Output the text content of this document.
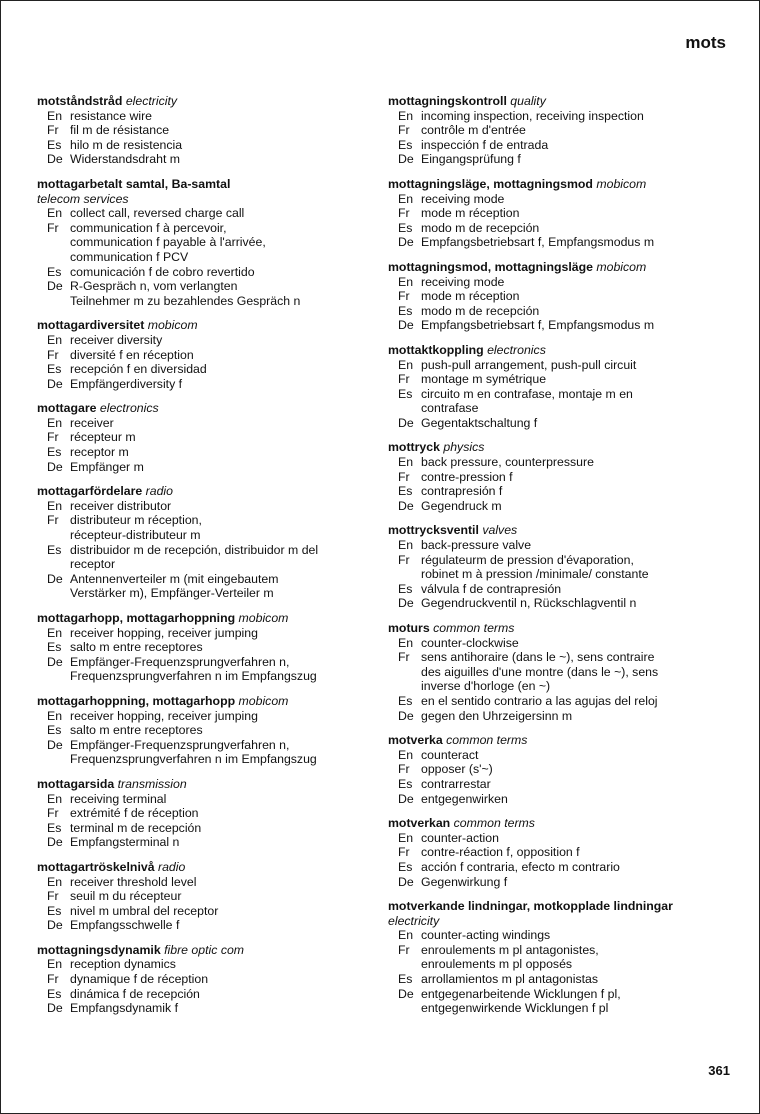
mots
motståndstråd electricity
En resistance wire
Fr fil m de résistance
Es hilo m de resistencia
De Widerstandsdraht m
mottagarbetalt samtal, Ba-samtal
telecom services
En collect call, reversed charge call
Fr communication f à percevoir,
communication f payable à l'arrivée,
communication f PCV
Es comunicación f de cobro revertido
De R-Gespräch n, vom verlangten
Teilnehmer m zu bezahlendes Gespräch n
mottagardiversitet mobicom
En receiver diversity
Fr diversité f en réception
Es recepción f en diversidad
De Empfängerdiversity f
mottagare electronics
En receiver
Fr récepteur m
Es receptor m
De Empfänger m
mottagarfördelare radio
En receiver distributor
Fr distributeur m réception,
récepteur-distributeur m
Es distribuidor m de recepción, distribuidor m del
receptor
De Antennenverteiler m (mit eingebautem
Verstärker m), Empfänger-Verteiler m
mottagarhopp, mottagarhoppning mobicom
En receiver hopping, receiver jumping
Es salto m entre receptores
De Empfänger-Frequenzsprungverfahren n,
Frequenzsprungverfahren n im Empfangszug
mottagarhoppning, mottagarhopp mobicom
En receiver hopping, receiver jumping
Es salto m entre receptores
De Empfänger-Frequenzsprungverfahren n,
Frequenzsprungverfahren n im Empfangszug
mottagarsida transmission
En receiving terminal
Fr extrémité f de réception
Es terminal m de recepción
De Empfangsterminal n
mottagartröskelnivå radio
En receiver threshold level
Fr seuil m du récepteur
Es nivel m umbral del receptor
De Empfangsschwelle f
mottagningsdynamik fibre optic com
En reception dynamics
Fr dynamique f de réception
Es dinámica f de recepción
De Empfangsdynamik f
mottagningskontroll quality
En incoming inspection, receiving inspection
Fr contrôle m d'entrée
Es inspección f de entrada
De Eingangsprüfung f
mottagningsläge, mottagningsmod mobicom
En receiving mode
Fr mode m réception
Es modo m de recepción
De Empfangsbetriebsart f, Empfangsmodus m
mottagningsmod, mottagningsläge mobicom
En receiving mode
Fr mode m réception
Es modo m de recepción
De Empfangsbetriebsart f, Empfangsmodus m
mottaktkoppling electronics
En push-pull arrangement, push-pull circuit
Fr montage m symétrique
Es circuito m en contrafase, montaje m en
contrafase
De Gegentaktschaltung f
mottryck physics
En back pressure, counterpressure
Fr contre-pression f
Es contrapresión f
De Gegendruck m
mottrycksventil valves
En back-pressure valve
Fr régulateurm de pression d'évaporation,
robinet m à pression /minimale/ constante
Es válvula f de contrapresión
De Gegendruckventil n, Rückschlagventil n
moturs common terms
En counter-clockwise
Fr sens antihoraire (dans le ~), sens contraire
des aiguilles d'une montre (dans le ~), sens
inverse d'horloge (en ~)
Es en el sentido contrario a las agujas del reloj
De gegen den Uhrzeigersinn m
motverka common terms
En counteract
Fr opposer (s'~)
Es contrarrestar
De entgegenwirken
motverkan common terms
En counter-action
Fr contre-réaction f, opposition f
Es acción f contraria, efecto m contrario
De Gegenwirkung f
motverkande lindningar, motkopplade lindningar
electricity
En counter-acting windings
Fr enroulements m pl antagonistes,
enroulements m pl opposés
Es arrollamientos m pl antagonistas
De entgegenarbeitende Wicklungen f pl,
entgegenwirkende Wicklungen f pl
361
